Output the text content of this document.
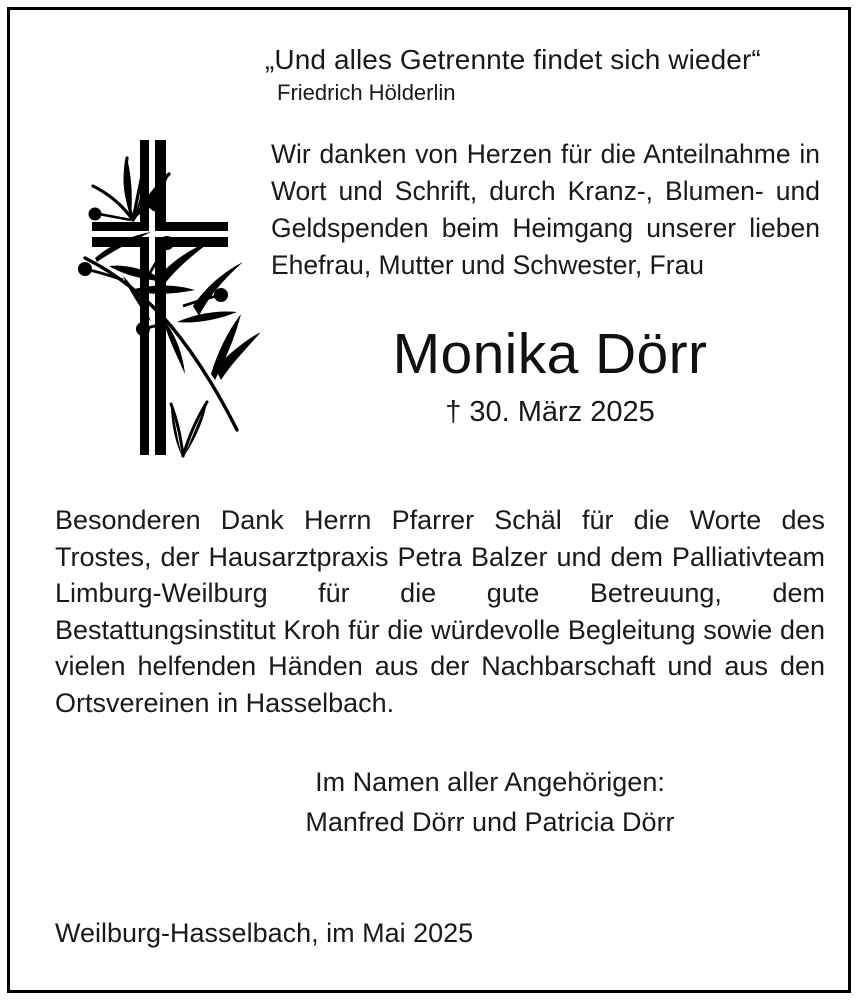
„Und alles Getrennte findet sich wieder“
Friedrich Hölderlin
Wir danken von Herzen für die Anteilnahme in Wort und Schrift, durch Kranz-, Blumen- und Geldspenden beim Heimgang unserer lieben Ehefrau, Mutter und Schwester, Frau
Monika Dörr
† 30. März 2025
Besonderen Dank Herrn Pfarrer Schäl für die Worte des Trostes, der Hausarztpraxis Petra Balzer und dem Palliativteam Limburg-Weilburg für die gute Betreuung, dem Bestattungsinstitut Kroh für die würdevolle Begleitung sowie den vielen helfenden Händen aus der Nachbarschaft und aus den Ortsvereinen in Hasselbach.
Im Namen aller Angehörigen:
Manfred Dörr und Patricia Dörr
Weilburg-Hasselbach, im Mai 2025
